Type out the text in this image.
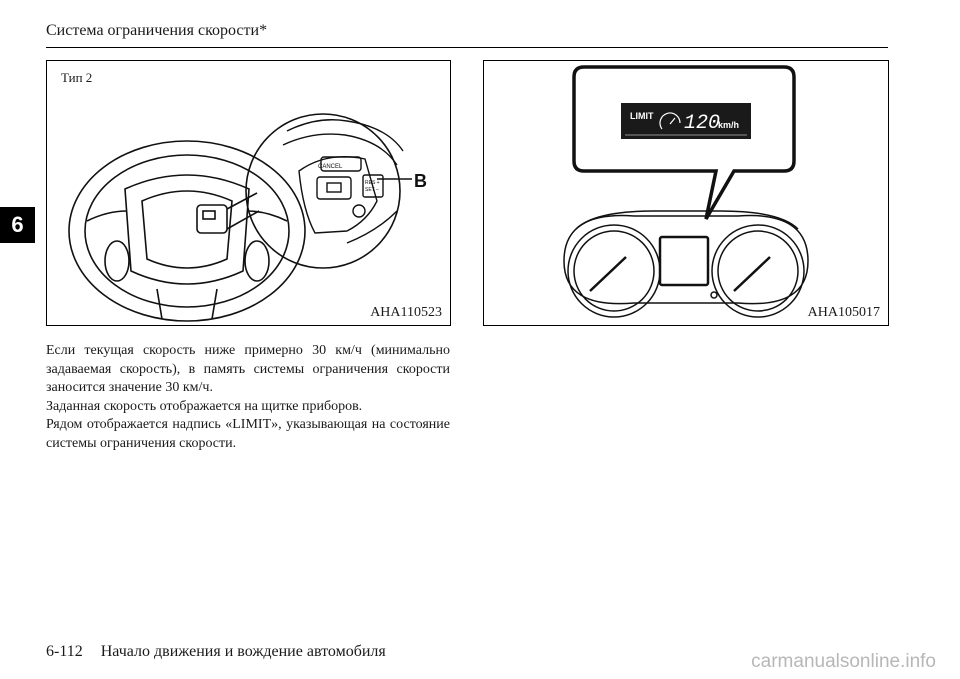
Система ограничения скорости*
6
CANCEL
RES +
SET – B
Тип 2
AHA110523
LIMIT 120
km/h
AHA105017

Если текущая скорость ниже примерно 30 км/ч (минимально задаваемая скорость), в память системы ограничения скорости заносится значение 30 км/ч.

Заданная скорость отображается на щитке приборов.

Рядом отображается надпись «LIMIT», указывающая на состояние системы ограничения скорости.

6-112 Начало движения и вождение автомобиля	carmanualsonline.info
